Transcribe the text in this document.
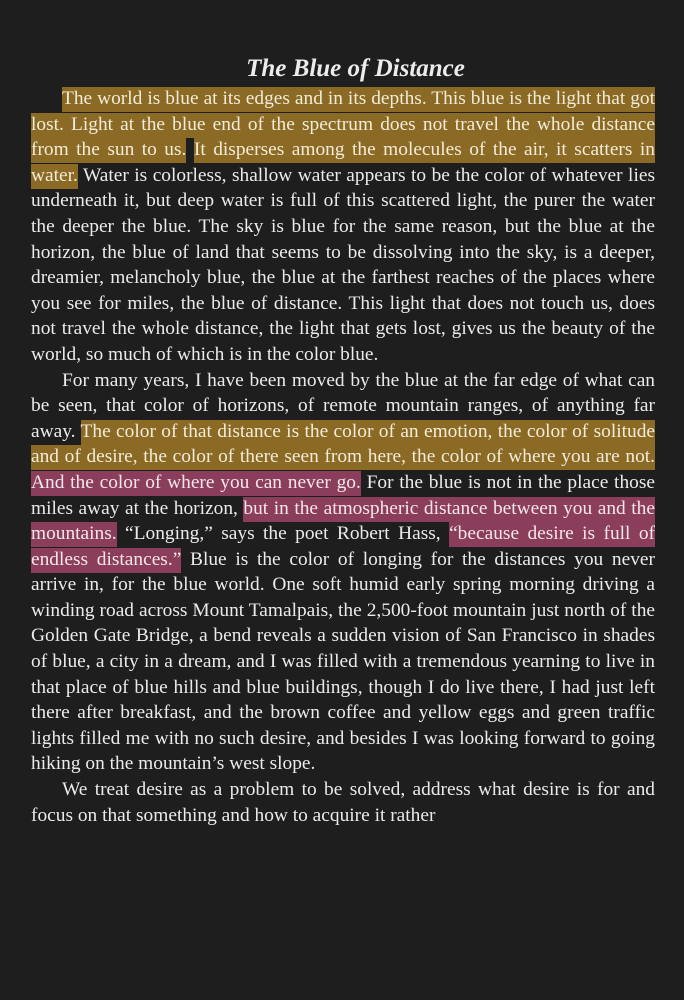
The Blue of Distance

The world is blue at its edges and in its depths. This blue is the light that got lost. Light at the blue end of the spectrum does not travel the whole distance from the sun to us. It disperses among the molecules of the air, it scatters in water. Water is colorless, shallow water appears to be the color of whatever lies underneath it, but deep water is full of this scattered light, the purer the water the deeper the blue. The sky is blue for the same reason, but the blue at the horizon, the blue of land that seems to be dissolving into the sky, is a deeper, dreamier, melancholy blue, the blue at the farthest reaches of the places where you see for miles, the blue of distance. This light that does not touch us, does not travel the whole distance, the light that gets lost, gives us the beauty of the world, so much of which is in the color blue.

For many years, I have been moved by the blue at the far edge of what can be seen, that color of horizons, of remote mountain ranges, of anything far away. The color of that distance is the color of an emotion, the color of solitude and of desire, the color of there seen from here, the color of where you are not. And the color of where you can never go. For the blue is not in the place those miles away at the horizon, but in the atmospheric distance between you and the mountains. “Longing,” says the poet Robert Hass, “because desire is full of endless distances.” Blue is the color of longing for the distances you never arrive in, for the blue world. One soft humid early spring morning driving a winding road across Mount Tamalpais, the 2,500-foot mountain just north of the Golden Gate Bridge, a bend reveals a sudden vision of San Francisco in shades of blue, a city in a dream, and I was filled with a tremendous yearning to live in that place of blue hills and blue buildings, though I do live there, I had just left there after breakfast, and the brown coffee and yellow eggs and green traffic lights filled me with no such desire, and besides I was looking forward to going hiking on the mountain’s west slope.

We treat desire as a problem to be solved, address what desire is for and focus on that something and how to acquire it rather
